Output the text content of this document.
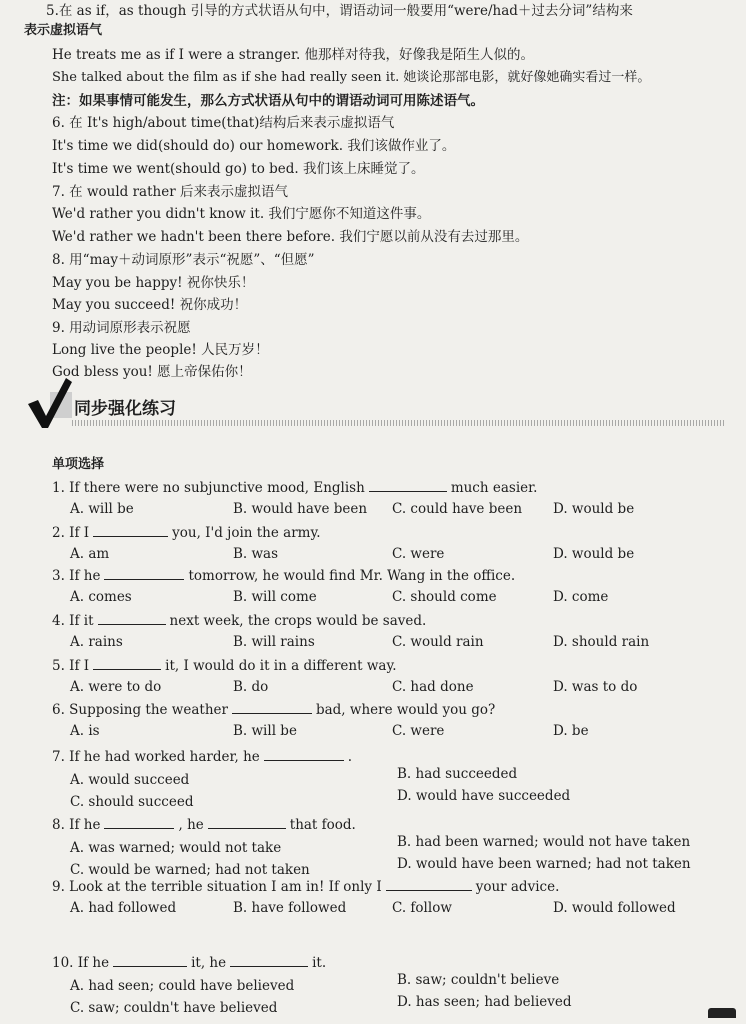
5.在 as if，as though 引导的方式状语从句中，谓语动词一般要用“were/had＋过去分词”结构来
表示虚拟语气
He treats me as if I were a stranger. 他那样对待我，好像我是陌生人似的。
She talked about the film as if she had really seen it. 她谈论那部电影，就好像她确实看过一样。
注：如果事情可能发生，那么方式状语从句中的谓语动词可用陈述语气。
6. 在 It's high/about time(that)结构后来表示虚拟语气
It's time we did(should do) our homework. 我们该做作业了。
It's time we went(should go) to bed. 我们该上床睡觉了。
7. 在 would rather 后来表示虚拟语气
We'd rather you didn't know it. 我们宁愿你不知道这件事。
We'd rather we hadn't been there before. 我们宁愿以前从没有去过那里。
8. 用“may＋动词原形”表示“祝愿”、“但愿”
May you be happy! 祝你快乐！
May you succeed! 祝你成功！
9. 用动词原形表示祝愿
Long live the people! 人民万岁！
God bless you! 愿上帝保佑你！
同步强化练习
单项选择
1. If there were no subjunctive mood, English	much easier.
A. will be	B. would have been C. could have been D. would be
2. If I	you, I'd join the army.
A. am	B. was	C. were	D. would be
3. If he	tomorrow, he would find Mr. Wang in the office.
A. comes	B. will come	C. should come	D. come
4. If it	next week, the crops would be saved.
A. rains	B. will rains	C. would rain	D. should rain
5. If I	it, I would do it in a different way.
A. were to do	B. do	C. had done	D. was to do
6. Supposing the weather	bad, where would you go?
A. is	B. will be	C. were	D. be
7. If he had worked harder, he	.
A. would succeed	B. had succeeded
C. should succeed	D. would have succeeded
8. If he	, he	that food.
A. was warned; would not take	B. had been warned; would not have taken
C. would be warned; had not taken	D. would have been warned; had not taken
9. Look at the terrible situation I am in! If only I	your advice.
A. had followed	B. have followed	C. follow	D. would followed
10. If he	it, he	it.
A. had seen; could have believed	B. saw; couldn't believe
C. saw; couldn't have believed	D. has seen; had believed
